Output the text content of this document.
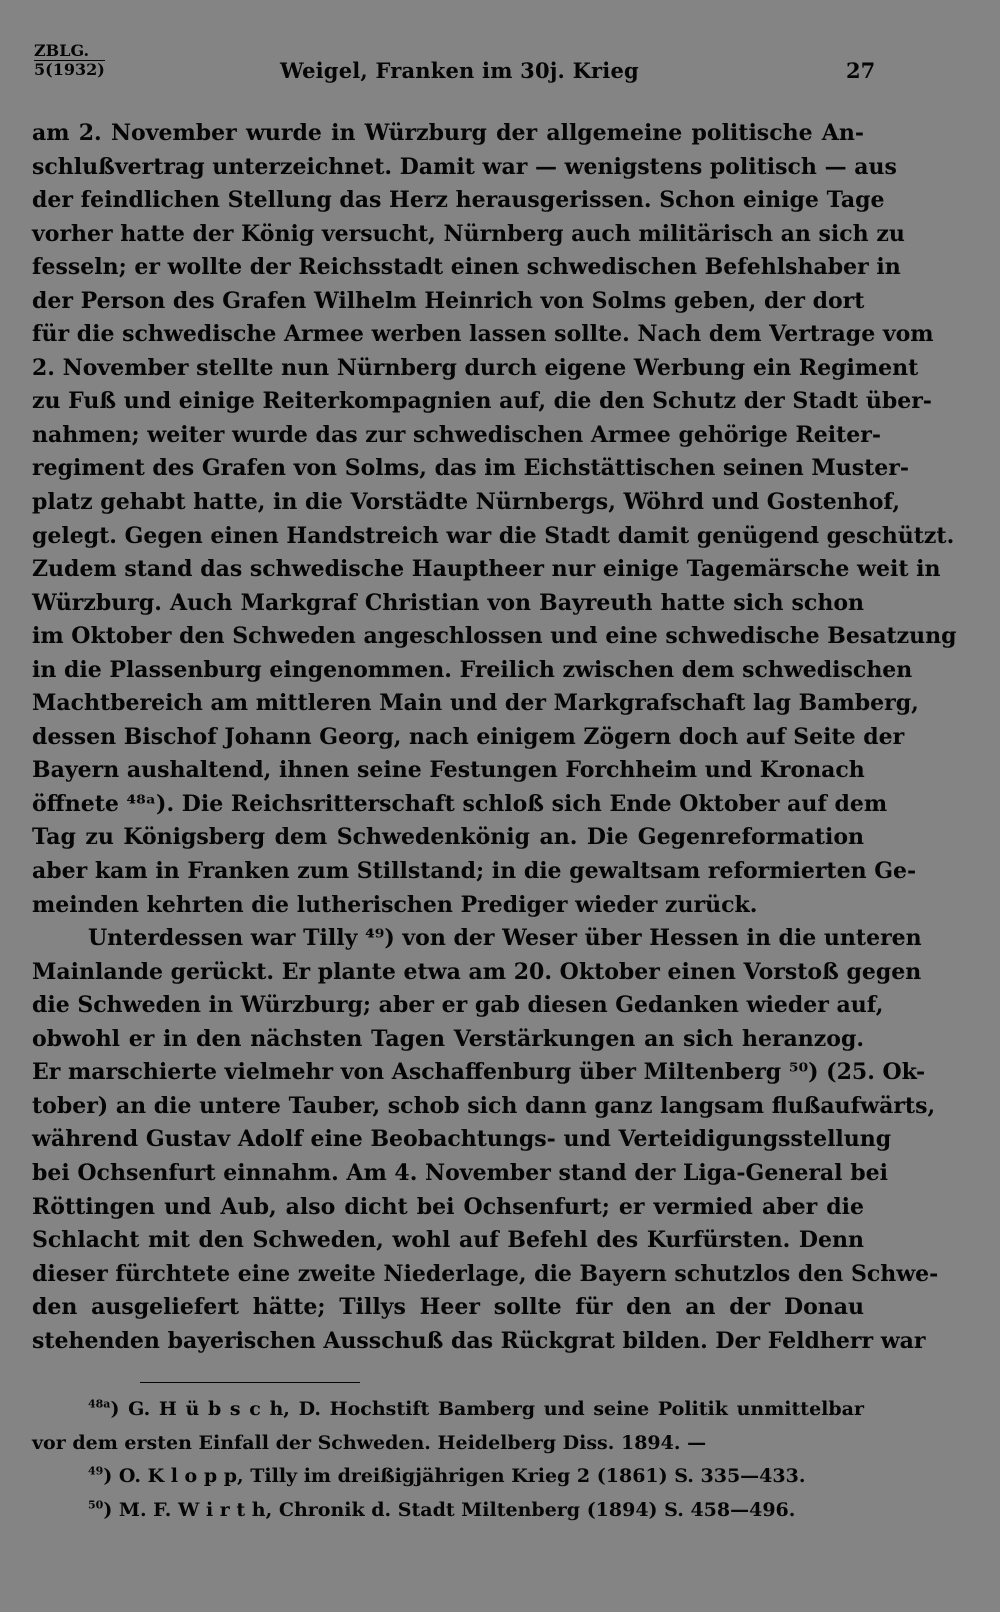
ZBLG.
5(1932)	Weigel, Franken im 30j. Krieg	27

am 2. November wurde in Würzburg der allgemeine politische An-
schlußvertrag unterzeichnet. Damit war — wenigstens politisch — aus
der feindlichen Stellung das Herz herausgerissen. Schon einige Tage
vorher hatte der König versucht, Nürnberg auch militärisch an sich zu
fesseln; er wollte der Reichsstadt einen schwedischen Befehlshaber in
der Person des Grafen Wilhelm Heinrich von Solms geben, der dort
für die schwedische Armee werben lassen sollte. Nach dem Vertrage vom
2. November stellte nun Nürnberg durch eigene Werbung ein Regiment
zu Fuß und einige Reiterkompagnien auf, die den Schutz der Stadt über-
nahmen; weiter wurde das zur schwedischen Armee gehörige Reiter-
regiment des Grafen von Solms, das im Eichstättischen seinen Muster-
platz gehabt hatte, in die Vorstädte Nürnbergs, Wöhrd und Gostenhof,
gelegt. Gegen einen Handstreich war die Stadt damit genügend geschützt.
Zudem stand das schwedische Hauptheer nur einige Tagemärsche weit in
Würzburg. Auch Markgraf Christian von Bayreuth hatte sich schon
im Oktober den Schweden angeschlossen und eine schwedische Besatzung
in die Plassenburg eingenommen. Freilich zwischen dem schwedischen
Machtbereich am mittleren Main und der Markgrafschaft lag Bamberg,
dessen Bischof Johann Georg, nach einigem Zögern doch auf Seite der
Bayern aushaltend, ihnen seine Festungen Forchheim und Kronach
öffnete ⁴⁸ᵃ). Die Reichsritterschaft schloß sich Ende Oktober auf dem
Tag zu Königsberg dem Schwedenkönig an. Die Gegenreformation
aber kam in Franken zum Stillstand; in die gewaltsam reformierten Ge-
meinden kehrten die lutherischen Prediger wieder zurück.

Unterdessen war Tilly ⁴⁹) von der Weser über Hessen in die unteren
Mainlande gerückt. Er plante etwa am 20. Oktober einen Vorstoß gegen
die Schweden in Würzburg; aber er gab diesen Gedanken wieder auf,
obwohl er in den nächsten Tagen Verstärkungen an sich heranzog.
Er marschierte vielmehr von Aschaffenburg über Miltenberg ⁵⁰) (25. Ok-
tober) an die untere Tauber, schob sich dann ganz langsam flußaufwärts,
während Gustav Adolf eine Beobachtungs- und Verteidigungsstellung
bei Ochsenfurt einnahm. Am 4. November stand der Liga-General bei
Röttingen und Aub, also dicht bei Ochsenfurt; er vermied aber die
Schlacht mit den Schweden, wohl auf Befehl des Kurfürsten. Denn
dieser fürchtete eine zweite Niederlage, die Bayern schutzlos den Schwe-
den ausgeliefert hätte; Tillys Heer sollte für den an der Donau
stehenden bayerischen Ausschuß das Rückgrat bilden. Der Feldherr war

$^{48a}$) G. H ü b s c h, D. Hochstift Bamberg und seine Politik unmittelbar
vor dem ersten Einfall der Schweden. Heidelberg Diss. 1894. —
$^{49}$) O. K l o p p, Tilly im dreißigjährigen Krieg 2 (1861) S. 335—433.
$^{50}$) M. F. W i r t h, Chronik d. Stadt Miltenberg (1894) S. 458—496.
